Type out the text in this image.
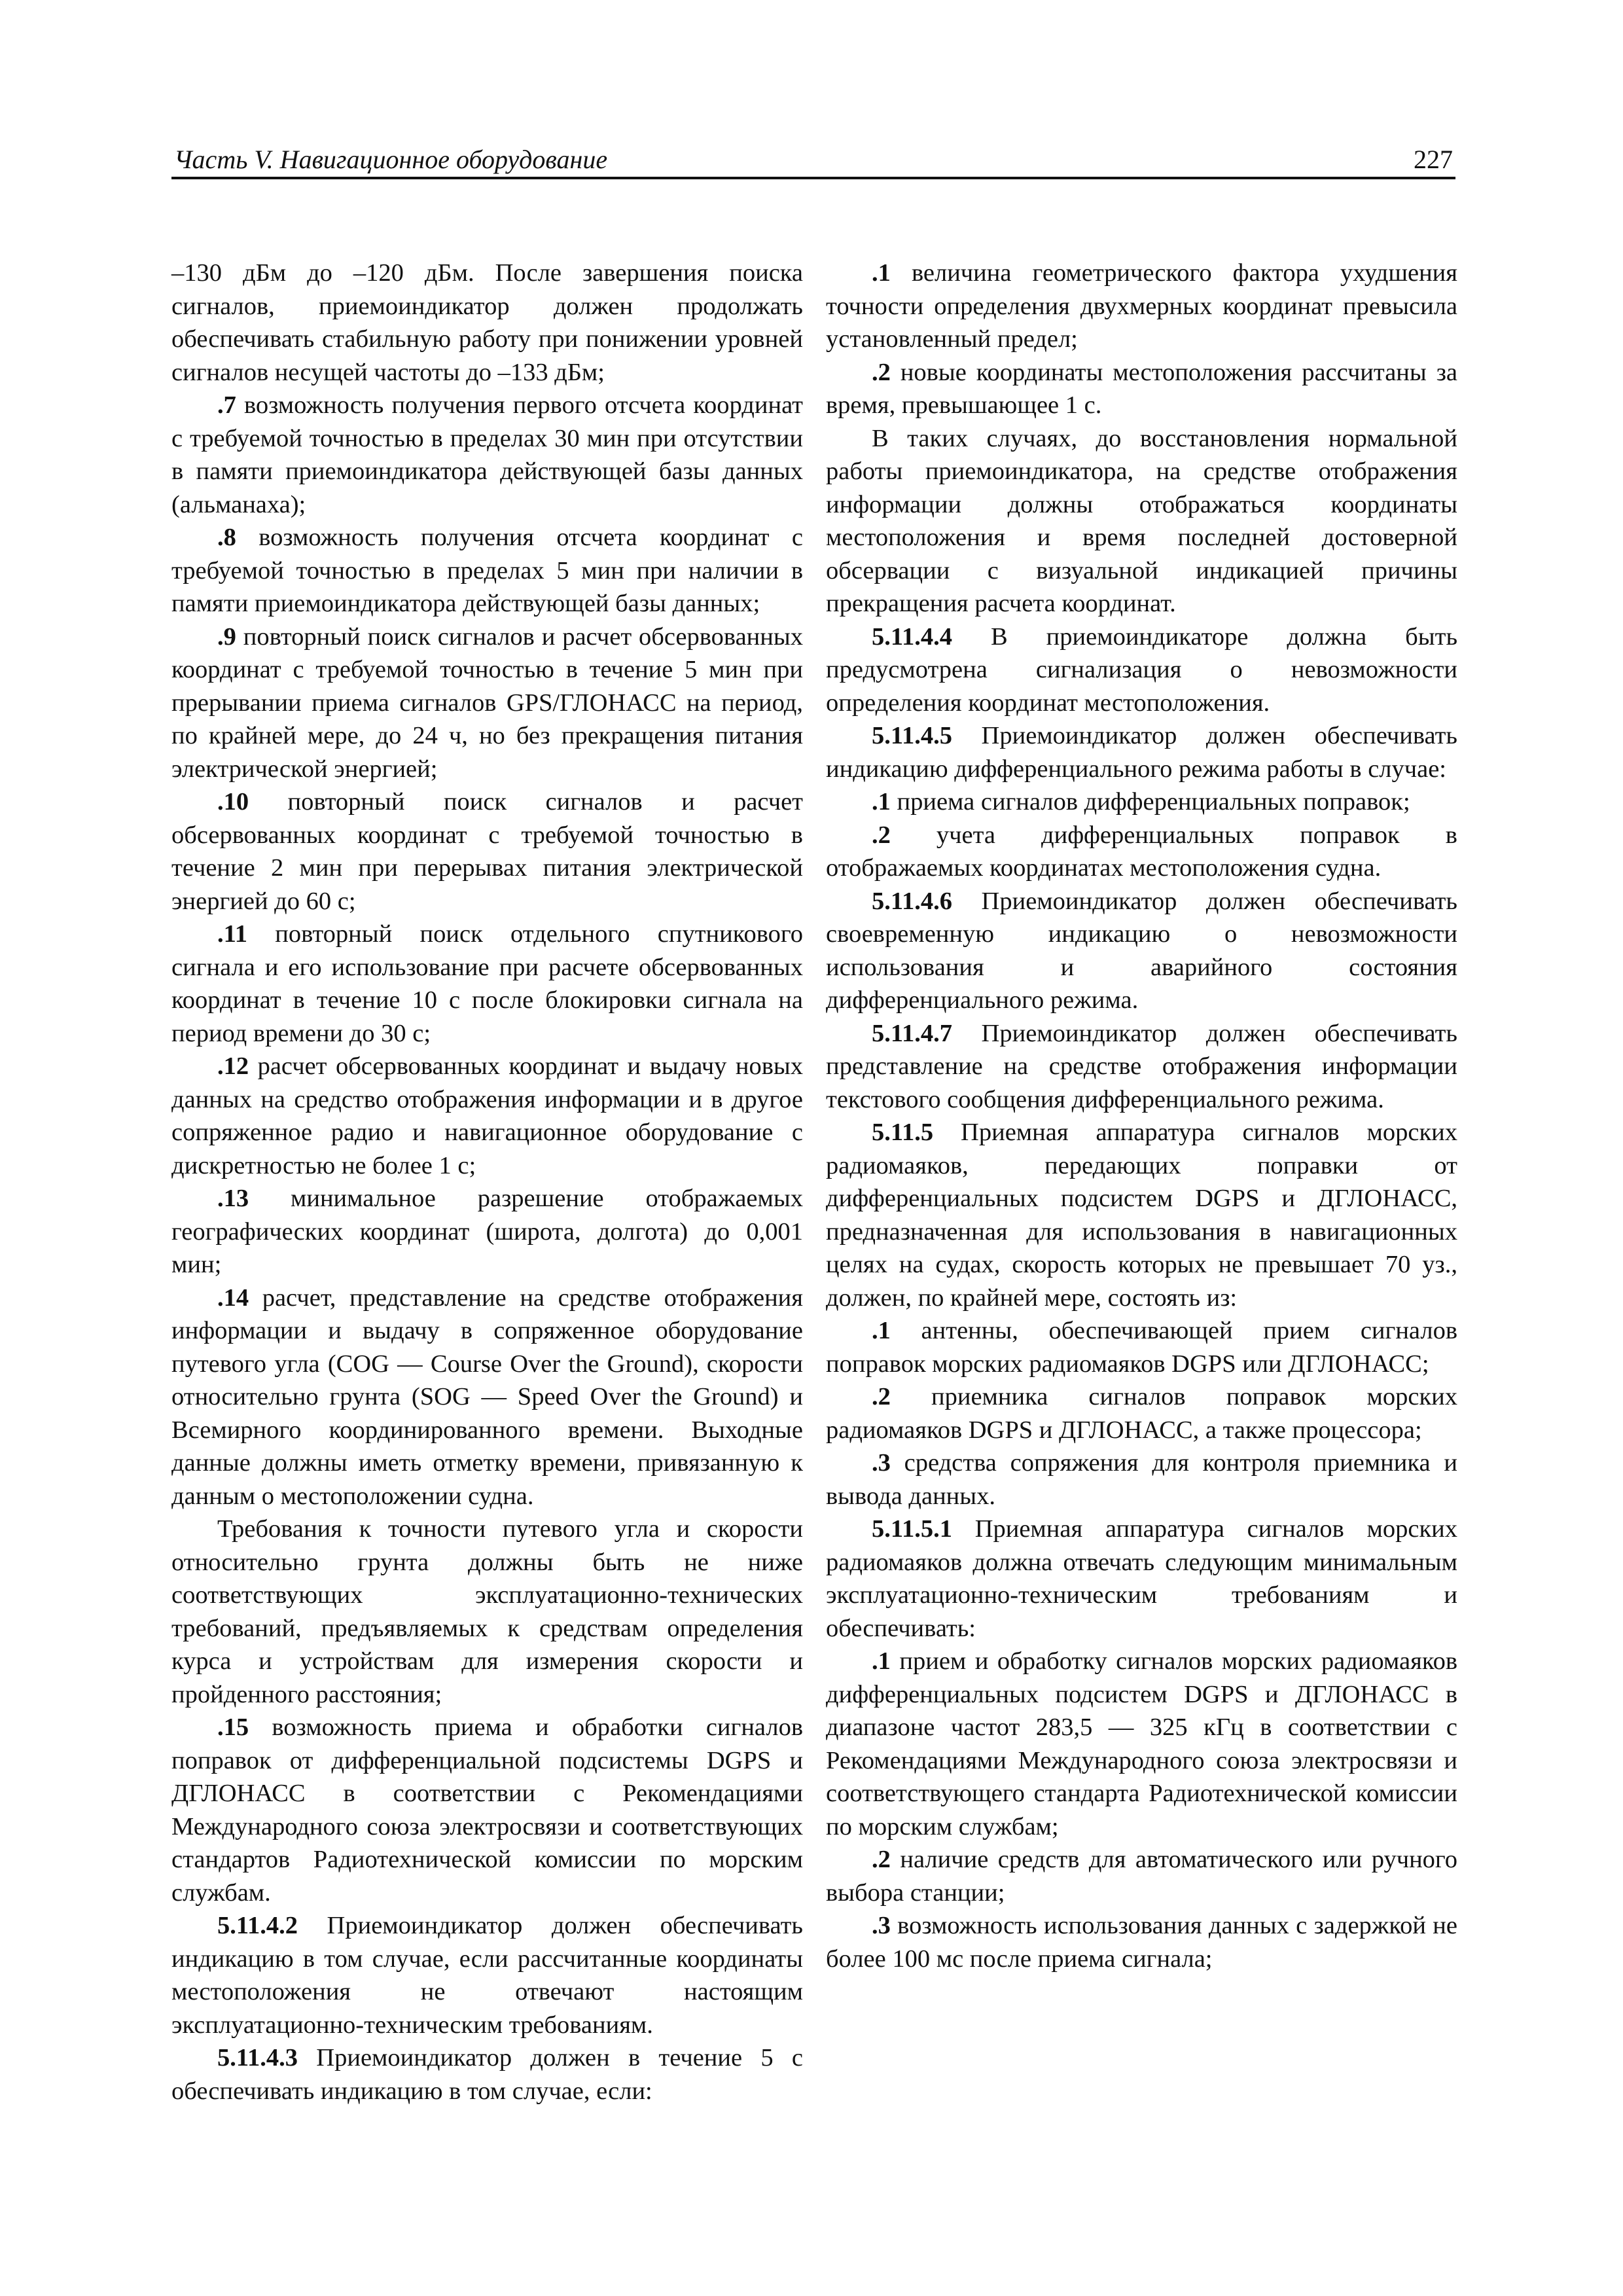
Часть V. Навигационное оборудование	227

–130 дБм до –120 дБм. После завершения поиска сигналов, приемоиндикатор должен продолжать обеспечивать стабильную работу при понижении уровней сигналов несущей частоты до –133 дБм;

.7 возможность получения первого отсчета координат с требуемой точностью в пределах 30 мин при отсутствии в памяти приемоиндикатора действующей базы данных (альманаха);

.8 возможность получения отсчета координат с требуемой точностью в пределах 5 мин при наличии в памяти приемоиндикатора действующей базы данных;

.9 повторный поиск сигналов и расчет обсервованных координат с требуемой точностью в течение 5 мин при прерывании приема сигналов GPS/ГЛОНАСС на период, по крайней мере, до 24 ч, но без прекращения питания электрической энергией;

.10 повторный поиск сигналов и расчет обсервованных координат с требуемой точностью в течение 2 мин при перерывах питания электрической энергией до 60 с;

.11 повторный поиск отдельного спутникового сигнала и его использование при расчете обсервованных координат в течение 10 с после блокировки сигнала на период времени до 30 с;

.12 расчет обсервованных координат и выдачу новых данных на средство отображения информации и в другое сопряженное радио и навигационное оборудование с дискретностью не более 1 с;

.13 минимальное разрешение отображаемых географических координат (широта, долгота) до 0,001 мин;

.14 расчет, представление на средстве отображения информации и выдачу в сопряженное оборудование путевого угла (COG — Course Over the Ground), скорости относительно грунта (SOG — Speed Over the Ground) и Всемирного координированного времени. Выходные данные должны иметь отметку времени, привязанную к данным о местоположении судна.

Требования к точности путевого угла и скорости относительно грунта должны быть не ниже соответствующих эксплуатационно-технических требований, предъявляемых к средствам определения курса и устройствам для измерения скорости и пройденного расстояния;

.15 возможность приема и обработки сигналов поправок от дифференциальной подсистемы DGPS и ДГЛОНАСС в соответствии с Рекомендациями Международного союза электросвязи и соответствующих стандартов Радиотехнической комиссии по морским службам.

5.11.4.2 Приемоиндикатор должен обеспечивать индикацию в том случае, если рассчитанные координаты местоположения не отвечают настоящим эксплуатационно-техническим требованиям.

5.11.4.3 Приемоиндикатор должен в течение 5 с обеспечивать индикацию в том случае, если:

.1 величина геометрического фактора ухудшения точности определения двухмерных координат превысила установленный предел;

.2 новые координаты местоположения рассчитаны за время, превышающее 1 с.

В таких случаях, до восстановления нормальной работы приемоиндикатора, на средстве отображения информации должны отображаться координаты местоположения и время последней достоверной обсервации с визуальной индикацией причины прекращения расчета координат.

5.11.4.4 В приемоиндикаторе должна быть предусмотрена сигнализация о невозможности определения координат местоположения.

5.11.4.5 Приемоиндикатор должен обеспечивать индикацию дифференциального режима работы в случае:

.1 приема сигналов дифференциальных поправок;

.2 учета дифференциальных поправок в отображаемых координатах местоположения судна.

5.11.4.6 Приемоиндикатор должен обеспечивать своевременную индикацию о невозможности использования и аварийного состояния дифференциального режима.

5.11.4.7 Приемоиндикатор должен обеспечивать представление на средстве отображения информации текстового сообщения дифференциального режима.

5.11.5 Приемная аппаратура сигналов морских радиомаяков, передающих поправки от дифференциальных подсистем DGPS и ДГЛОНАСС, предназначенная для использования в навигационных целях на судах, скорость которых не превышает 70 уз., должен, по крайней мере, состоять из:

.1 антенны, обеспечивающей прием сигналов поправок морских радиомаяков DGPS или ДГЛОНАСС;

.2 приемника сигналов поправок морских радиомаяков DGPS и ДГЛОНАСС, а также процессора;

.3 средства сопряжения для контроля приемника и вывода данных.

5.11.5.1 Приемная аппаратура сигналов морских радиомаяков должна отвечать следующим минимальным эксплуатационно-техническим требованиям и обеспечивать:

.1 прием и обработку сигналов морских радиомаяков дифференциальных подсистем DGPS и ДГЛОНАСС в диапазоне частот 283,5 — 325 кГц в соответствии с Рекомендациями Международного союза электросвязи и соответствующего стандарта Радиотехнической комиссии по морским службам;

.2 наличие средств для автоматического или ручного выбора станции;

.3 возможность использования данных с задержкой не более 100 мс после приема сигнала;
